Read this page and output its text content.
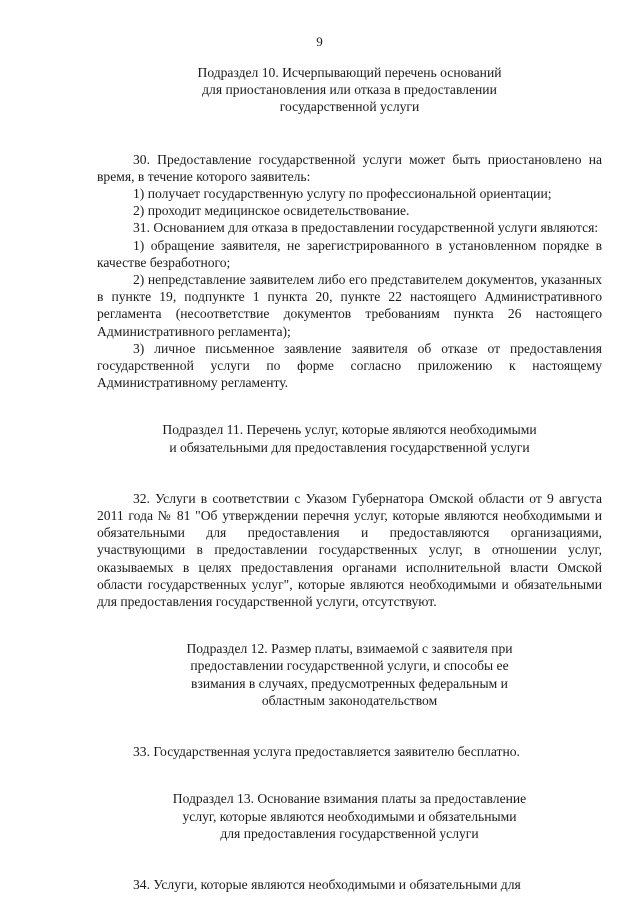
9

Подраздел 10. Исчерпывающий перечень оснований
для приостановления или отказа в предоставлении
государственной услуги

30. Предоставление государственной услуги может быть приостановлено на время, в течение которого заявитель:

1) получает государственную услугу по профессиональной ориентации;

2) проходит медицинское освидетельствование.

31. Основанием для отказа в предоставлении государственной услуги являются:

1) обращение заявителя, не зарегистрированного в установленном порядке в качестве безработного;

2) непредставление заявителем либо его представителем документов, указанных в пункте 19, подпункте 1 пункта 20, пункте 22 настоящего Административного регламента (несоответствие документов требованиям пункта 26 настоящего Административного регламента);

3) личное письменное заявление заявителя об отказе от предоставления государственной услуги по форме согласно приложению к настоящему Административному регламенту.

Подраздел 11. Перечень услуг, которые являются необходимыми
и обязательными для предоставления государственной услуги

32. Услуги в соответствии с Указом Губернатора Омской области от 9 августа 2011 года № 81 "Об утверждении перечня услуг, которые являются необходимыми и обязательными для предоставления и предоставляются организациями, участвующими в предоставлении государственных услуг, в отношении услуг, оказываемых в целях предоставления органами исполнительной власти Омской области государственных услуг", которые являются необходимыми и обязательными для предоставления государственной услуги, отсутствуют.

Подраздел 12. Размер платы, взимаемой с заявителя при
предоставлении государственной услуги, и способы ее
взимания в случаях, предусмотренных федеральным и
областным законодательством

33. Государственная услуга предоставляется заявителю бесплатно.

Подраздел 13. Основание взимания платы за предоставление
услуг, которые являются необходимыми и обязательными
для предоставления государственной услуги

34. Услуги, которые являются необходимыми и обязательными для
